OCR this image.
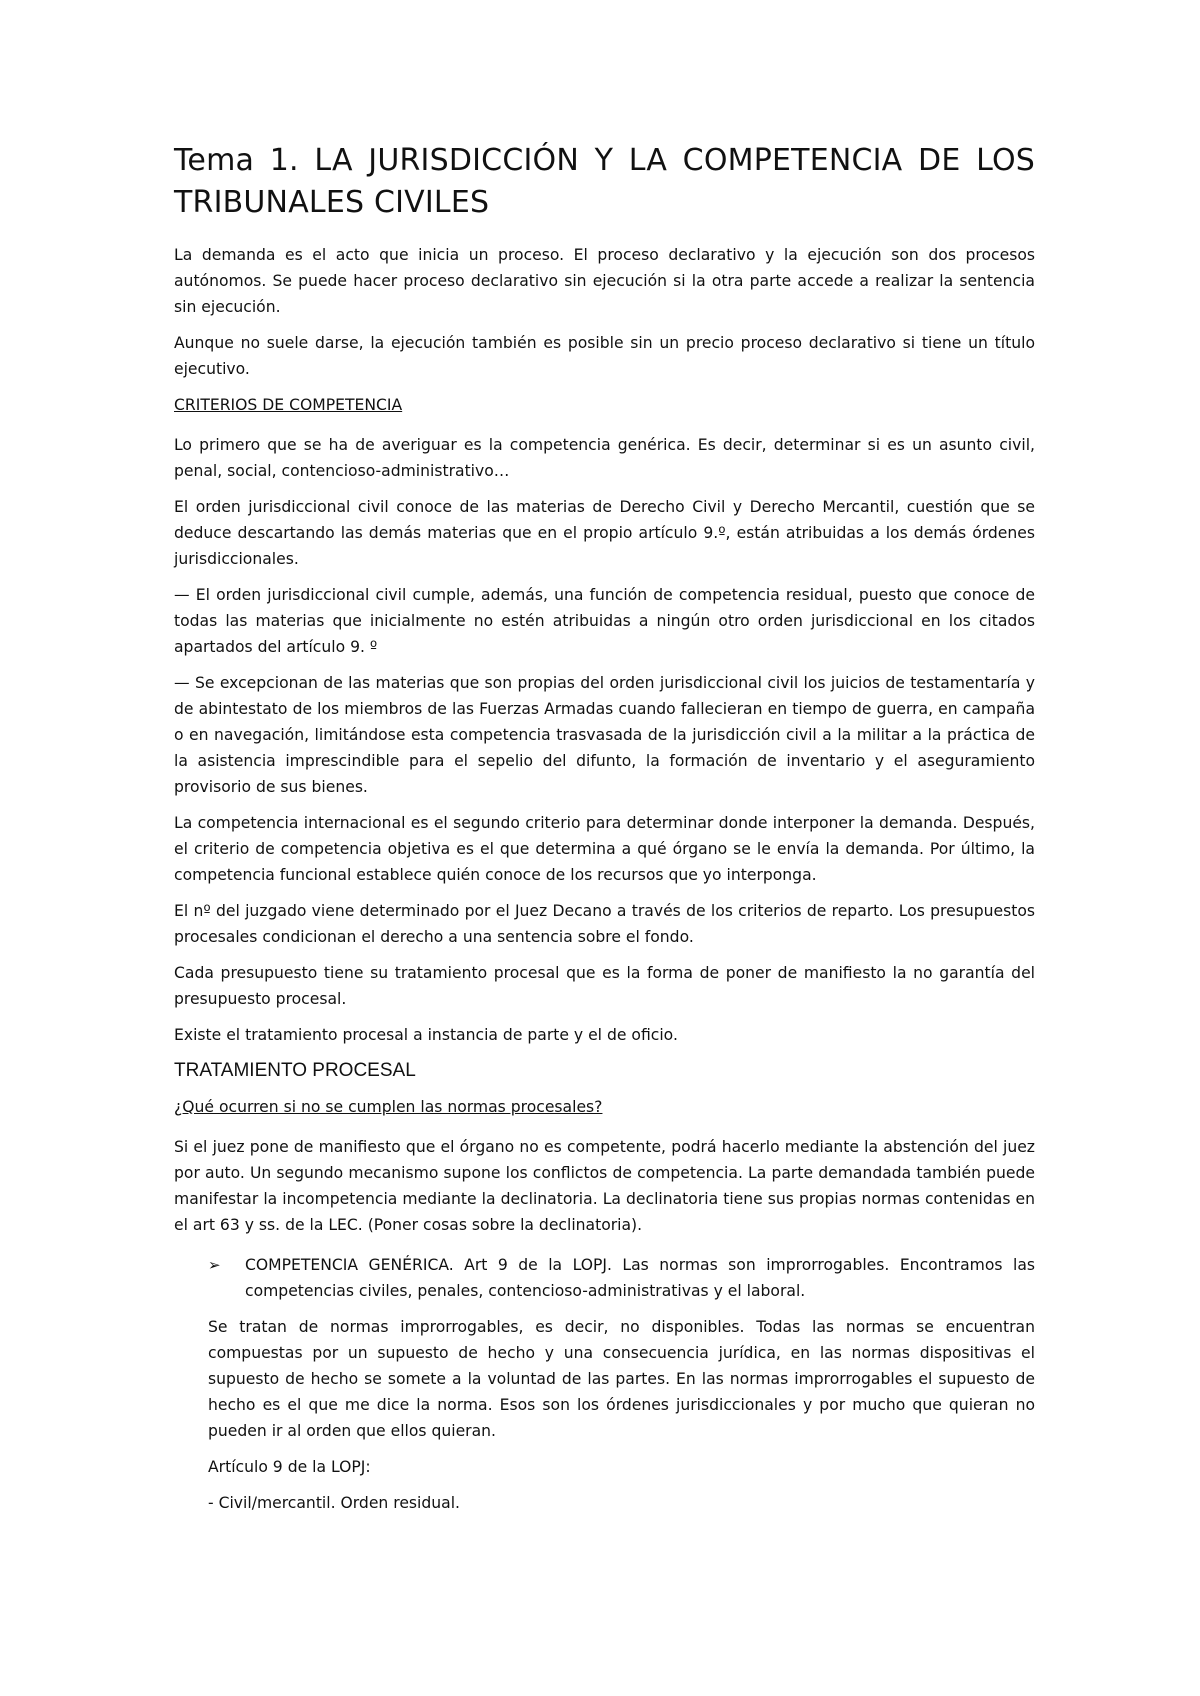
Tema 1. LA JURISDICCIÓN Y LA COMPETENCIA DE LOS TRIBUNALES CIVILES

La demanda es el acto que inicia un proceso. El proceso declarativo y la ejecución son dos procesos autónomos. Se puede hacer proceso declarativo sin ejecución si la otra parte accede a realizar la sentencia sin ejecución.

Aunque no suele darse, la ejecución también es posible sin un precio proceso declarativo si tiene un título ejecutivo.

CRITERIOS DE COMPETENCIA

Lo primero que se ha de averiguar es la competencia genérica. Es decir, determinar si es un asunto civil, penal, social, contencioso-administrativo…

El orden jurisdiccional civil conoce de las materias de Derecho Civil y Derecho Mercantil, cuestión que se deduce descartando las demás materias que en el propio artículo 9.º, están atribuidas a los demás órdenes jurisdiccionales.

— El orden jurisdiccional civil cumple, además, una función de competencia residual, puesto que conoce de todas las materias que inicialmente no estén atribuidas a ningún otro orden jurisdiccional en los citados apartados del artículo 9. º

— Se excepcionan de las materias que son propias del orden jurisdiccional civil los juicios de testamentaría y de abintestato de los miembros de las Fuerzas Armadas cuando fallecieran en tiempo de guerra, en campaña o en navegación, limitándose esta competencia trasvasada de la jurisdicción civil a la militar a la práctica de la asistencia imprescindible para el sepelio del difunto, la formación de inventario y el aseguramiento provisorio de sus bienes.

La competencia internacional es el segundo criterio para determinar donde interponer la demanda. Después, el criterio de competencia objetiva es el que determina a qué órgano se le envía la demanda. Por último, la competencia funcional establece quién conoce de los recursos que yo interponga.

El nº del juzgado viene determinado por el Juez Decano a través de los criterios de reparto. Los presupuestos procesales condicionan el derecho a una sentencia sobre el fondo.

Cada presupuesto tiene su tratamiento procesal que es la forma de poner de manifiesto la no garantía del presupuesto procesal.

Existe el tratamiento procesal a instancia de parte y el de oficio.

TRATAMIENTO PROCESAL

¿Qué ocurren si no se cumplen las normas procesales?

Si el juez pone de manifiesto que el órgano no es competente, podrá hacerlo mediante la abstención del juez por auto. Un segundo mecanismo supone los conflictos de competencia. La parte demandada también puede manifestar la incompetencia mediante la declinatoria. La declinatoria tiene sus propias normas contenidas en el art 63 y ss. de la LEC. (Poner cosas sobre la declinatoria).

➢ COMPETENCIA GENÉRICA. Art 9 de la LOPJ. Las normas son improrrogables. Encontramos las competencias civiles, penales, contencioso-administrativas y el laboral.

Se tratan de normas improrrogables, es decir, no disponibles. Todas las normas se encuentran compuestas por un supuesto de hecho y una consecuencia jurídica, en las normas dispositivas el supuesto de hecho se somete a la voluntad de las partes. En las normas improrrogables el supuesto de hecho es el que me dice la norma. Esos son los órdenes jurisdiccionales y por mucho que quieran no pueden ir al orden que ellos quieran.

Artículo 9 de la LOPJ:

- Civil/mercantil. Orden residual.
